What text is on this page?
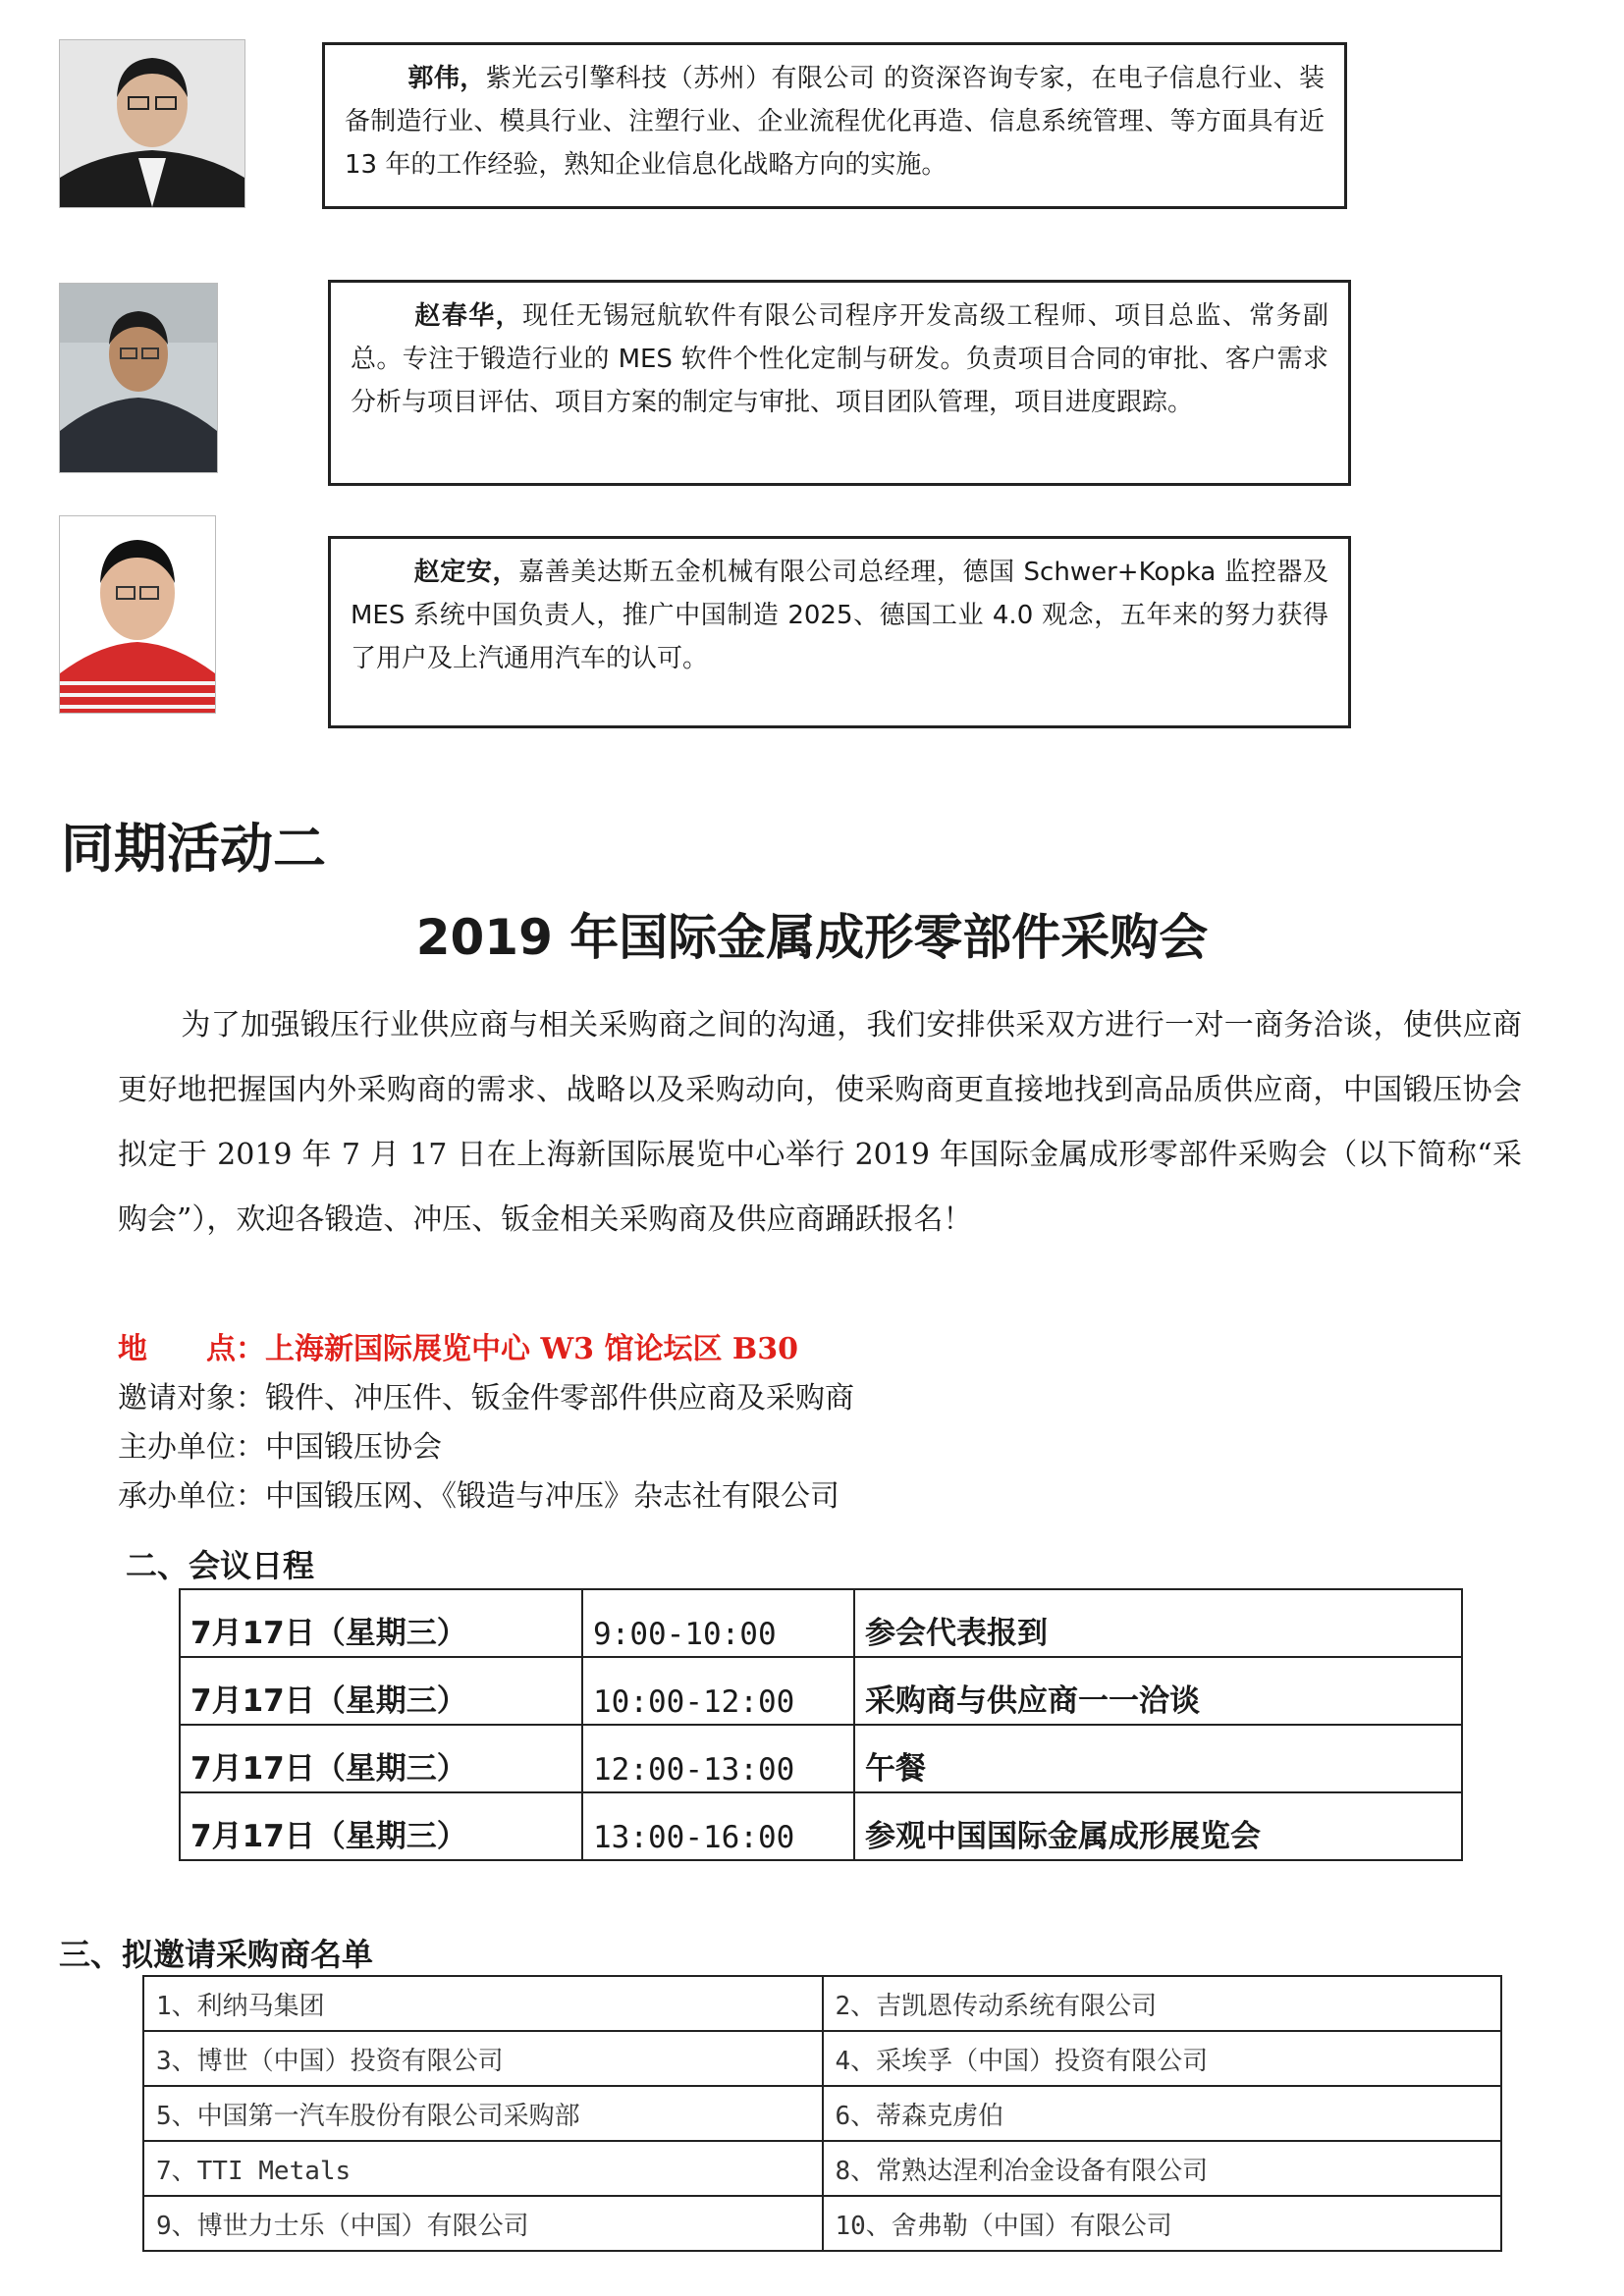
郭伟，紫光云引擎科技（苏州）有限公司 的资深咨询专家，在电子信息行业、装备制造行业、模具行业、注塑行业、企业流程优化再造、信息系统管理、等方面具有近 13 年的工作经验，熟知企业信息化战略方向的实施。
赵春华，现任无锡冠航软件有限公司程序开发高级工程师、项目总监、常务副总。专注于锻造行业的 MES 软件个性化定制与研发。负责项目合同的审批、客户需求分析与项目评估、项目方案的制定与审批、项目团队管理，项目进度跟踪。
赵定安，嘉善美达斯五金机械有限公司总经理，德国 Schwer+Kopka 监控器及 MES 系统中国负责人，推广中国制造 2025、德国工业 4.0 观念，五年来的努力获得了用户及上汽通用汽车的认可。
同期活动二
2019 年国际金属成形零部件采购会
为了加强锻压行业供应商与相关采购商之间的沟通，我们安排供采双方进行一对一商务洽谈，使供应商更好地把握国内外采购商的需求、战略以及采购动向，使采购商更直接地找到高品质供应商，中国锻压协会拟定于 2019 年 7 月 17 日在上海新国际展览中心举行 2019 年国际金属成形零部件采购会（以下简称“采购会”），欢迎各锻造、冲压、钣金相关采购商及供应商踊跃报名！
地　　点：上海新国际展览中心 W3 馆论坛区 B30
邀请对象：锻件、冲压件、钣金件零部件供应商及采购商
主办单位：中国锻压协会
承办单位：中国锻压网、《锻造与冲压》杂志社有限公司
二、会议日程
7月17日（星期三）	9:00-10:00	参会代表报到
7月17日（星期三）	10:00-12:00	采购商与供应商一一洽谈
7月17日（星期三）	12:00-13:00	午餐
7月17日（星期三）	13:00-16:00	参观中国国际金属成形展览会
三、拟邀请采购商名单
1、利纳马集团	2、吉凯恩传动系统有限公司
3、博世（中国）投资有限公司	4、采埃孚（中国）投资有限公司
5、中国第一汽车股份有限公司采购部	6、蒂森克虏伯
7、TTI Metals	8、常熟达涅利冶金设备有限公司
9、博世力士乐（中国）有限公司	10、舍弗勒（中国）有限公司
